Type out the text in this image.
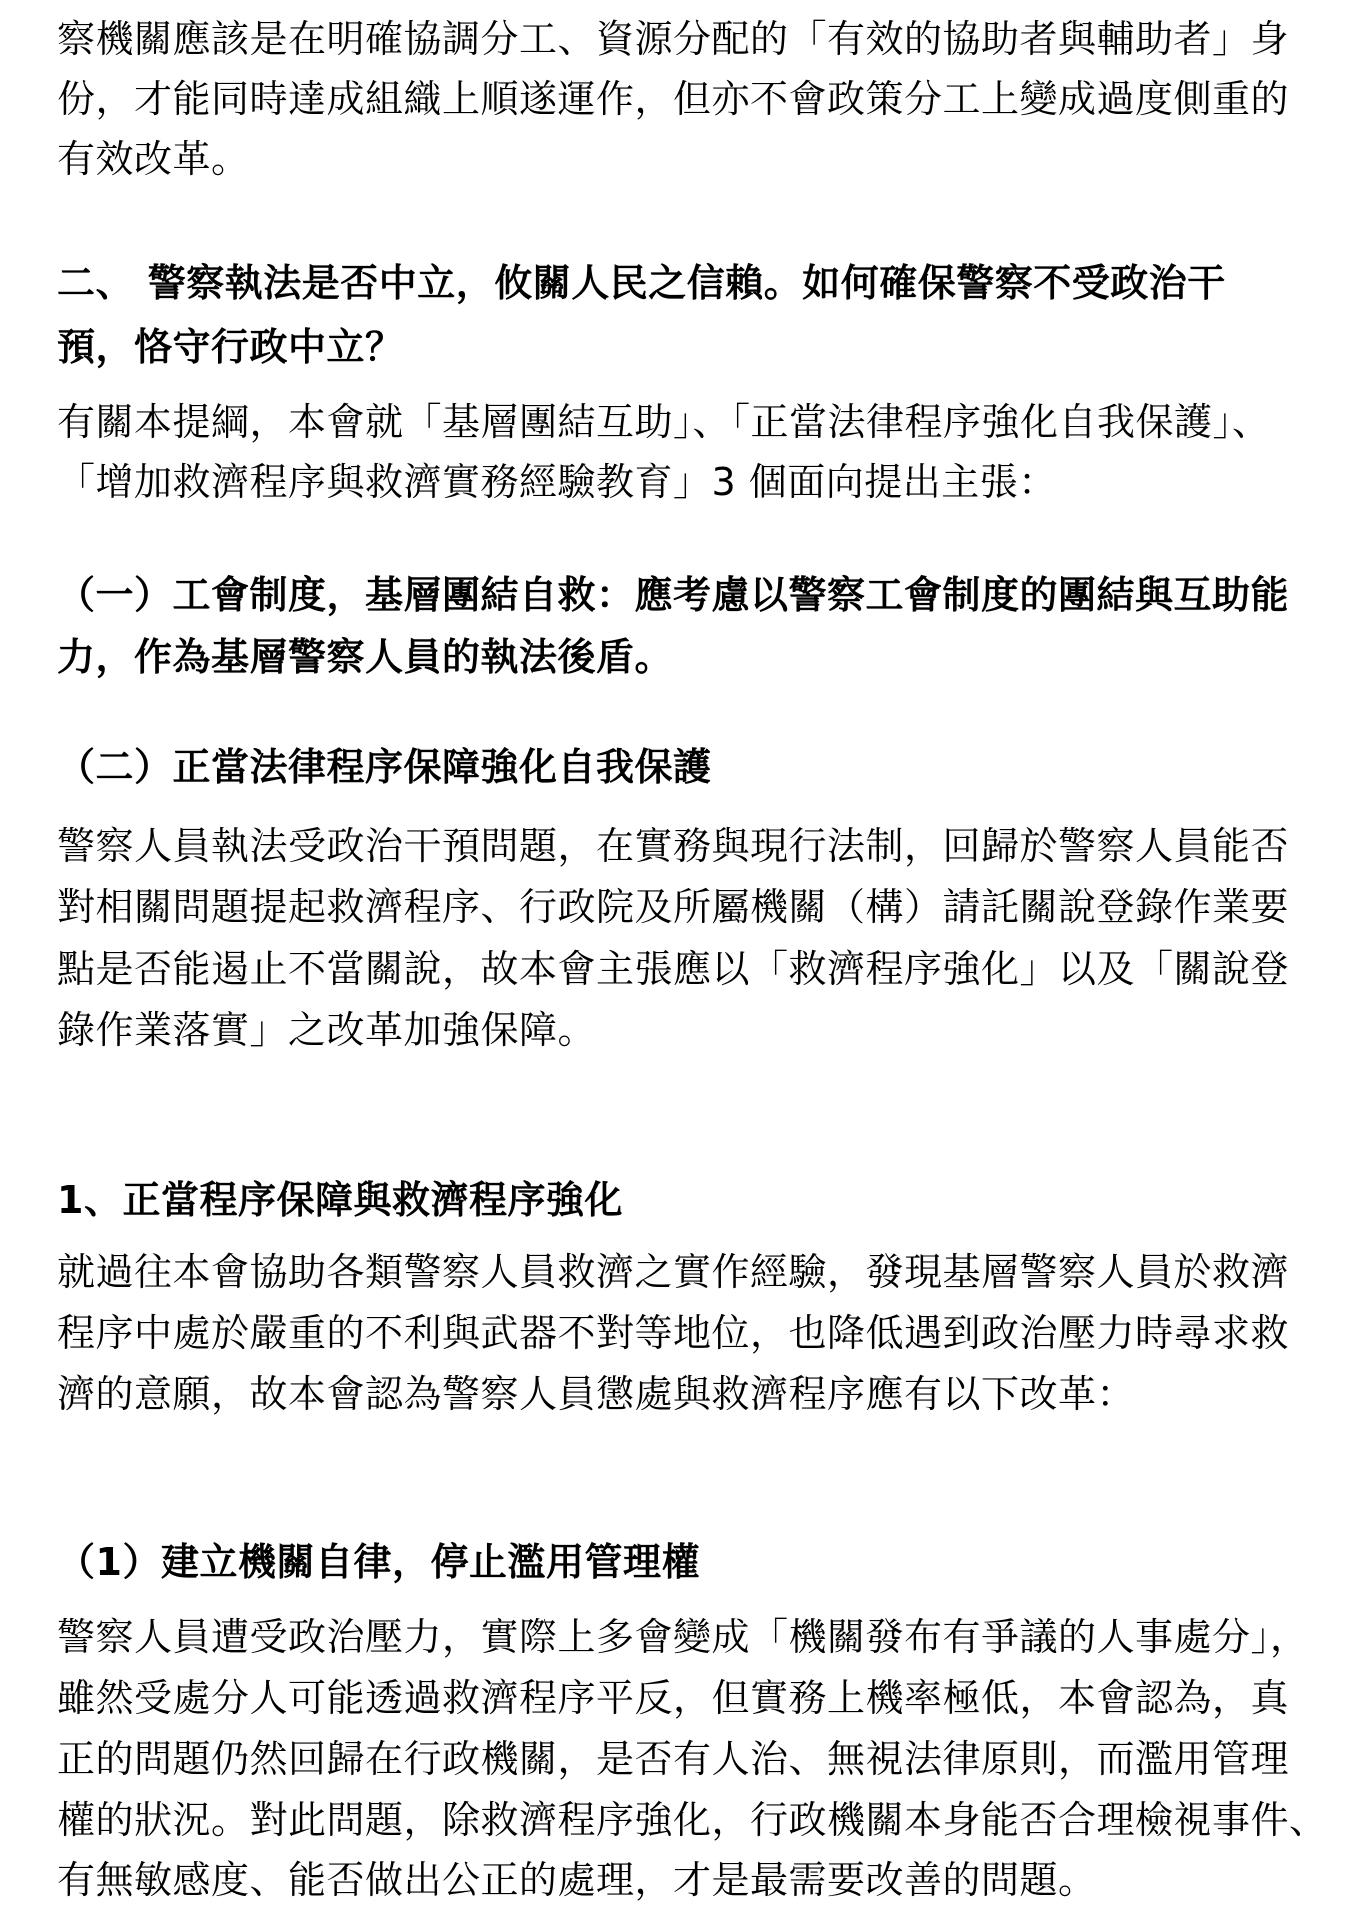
察機關應該是在明確協調分工、資源分配的「有效的協助者與輔助者」身
份，才能同時達成組織上順遂運作，但亦不會政策分工上變成過度側重的
有效改革。
二、 警察執法是否中立，攸關人民之信賴。如何確保警察不受政治干
預，恪守行政中立？
有關本提綱，本會就「基層團結互助」、「正當法律程序強化自我保護」、
「增加救濟程序與救濟實務經驗教育」3 個面向提出主張：
（一）工會制度，基層團結自救：應考慮以警察工會制度的團結與互助能
力，作為基層警察人員的執法後盾。
（二）正當法律程序保障強化自我保護
警察人員執法受政治干預問題，在實務與現行法制，回歸於警察人員能否
對相關問題提起救濟程序、行政院及所屬機關（構）請託關說登錄作業要
點是否能遏止不當關說，故本會主張應以「救濟程序強化」以及「關說登
錄作業落實」之改革加強保障。
1、正當程序保障與救濟程序強化
就過往本會協助各類警察人員救濟之實作經驗，發現基層警察人員於救濟
程序中處於嚴重的不利與武器不對等地位，也降低遇到政治壓力時尋求救
濟的意願，故本會認為警察人員懲處與救濟程序應有以下改革：
（1）建立機關自律，停止濫用管理權
警察人員遭受政治壓力，實際上多會變成「機關發布有爭議的人事處分」，
雖然受處分人可能透過救濟程序平反，但實務上機率極低，本會認為，真
正的問題仍然回歸在行政機關，是否有人治、無視法律原則，而濫用管理
權的狀況。對此問題，除救濟程序強化，行政機關本身能否合理檢視事件、
有無敏感度、能否做出公正的處理，才是最需要改善的問題。
